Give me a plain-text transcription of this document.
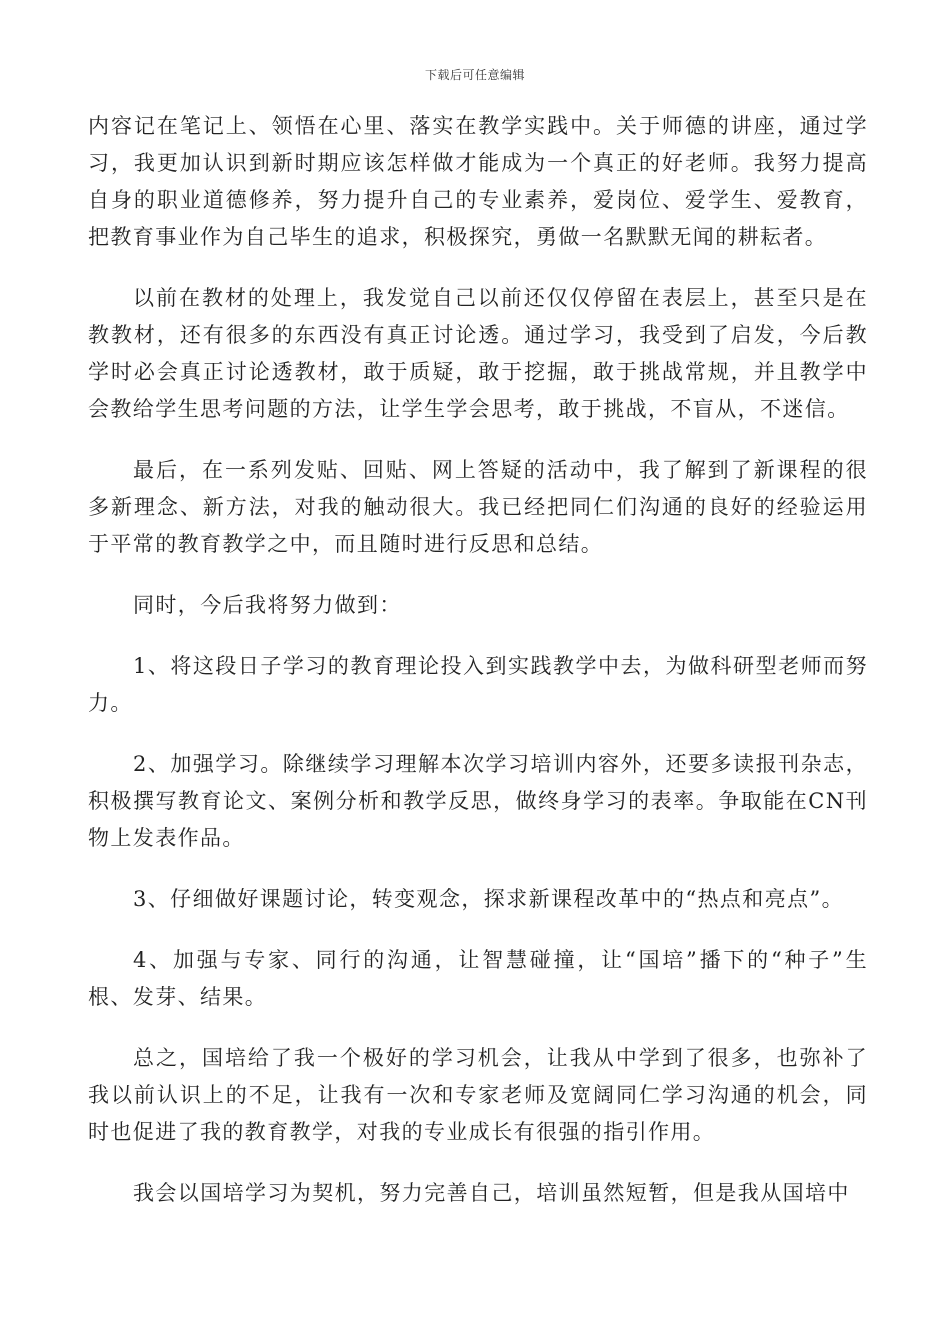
下载后可任意编辑

内容记在笔记上、领悟在心里、落实在教学实践中。关于师德的讲座，通过学习，我更加认识到新时期应该怎样做才能成为一个真正的好老师。我努力提高自身的职业道德修养，努力提升自己的专业素养，爱岗位、爱学生、爱教育，把教育事业作为自己毕生的追求，积极探究，勇做一名默默无闻的耕耘者。

以前在教材的处理上，我发觉自己以前还仅仅停留在表层上，甚至只是在教教材，还有很多的东西没有真正讨论透。通过学习，我受到了启发，今后教学时必会真正讨论透教材，敢于质疑，敢于挖掘，敢于挑战常规，并且教学中会教给学生思考问题的方法，让学生学会思考，敢于挑战，不盲从，不迷信。

最后，在一系列发贴、回贴、网上答疑的活动中，我了解到了新课程的很多新理念、新方法，对我的触动很大。我已经把同仁们沟通的良好的经验运用于平常的教育教学之中，而且随时进行反思和总结。

同时，今后我将努力做到：

1、将这段日子学习的教育理论投入到实践教学中去，为做科研型老师而努力。

2、加强学习。除继续学习理解本次学习培训内容外，还要多读报刊杂志，积极撰写教育论文、案例分析和教学反思，做终身学习的表率。争取能在CN刊物上发表作品。

3、仔细做好课题讨论，转变观念，探求新课程改革中的“热点和亮点”。

4、加强与专家、同行的沟通，让智慧碰撞，让“国培”播下的“种子”生根、发芽、结果。

总之，国培给了我一个极好的学习机会，让我从中学到了很多，也弥补了我以前认识上的不足，让我有一次和专家老师及宽阔同仁学习沟通的机会，同时也促进了我的教育教学，对我的专业成长有很强的指引作用。

我会以国培学习为契机，努力完善自己，培训虽然短暂，但是我从国培中
